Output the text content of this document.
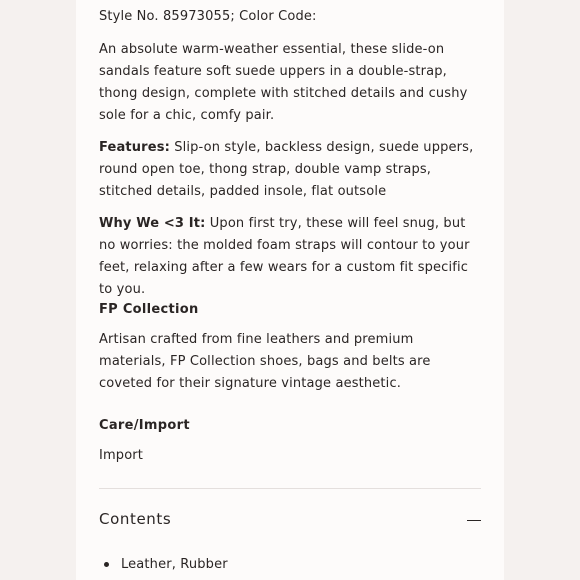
Style No. 85973055; Color Code:

An absolute warm-weather essential, these slide-on sandals feature soft suede uppers in a double-strap, thong design, complete with stitched details and cushy sole for a chic, comfy pair.

Features: Slip-on style, backless design, suede uppers, round open toe, thong strap, double vamp straps, stitched details, padded insole, flat outsole

Why We <3 It: Upon first try, these will feel snug, but no worries: the molded foam straps will contour to your feet, relaxing after a few wears for a custom fit specific to you.

FP Collection

Artisan crafted from fine leathers and premium materials, FP Collection shoes, bags and belts are coveted for their signature vintage aesthetic.

Care/Import

Import

Contents
Leather, Rubber
